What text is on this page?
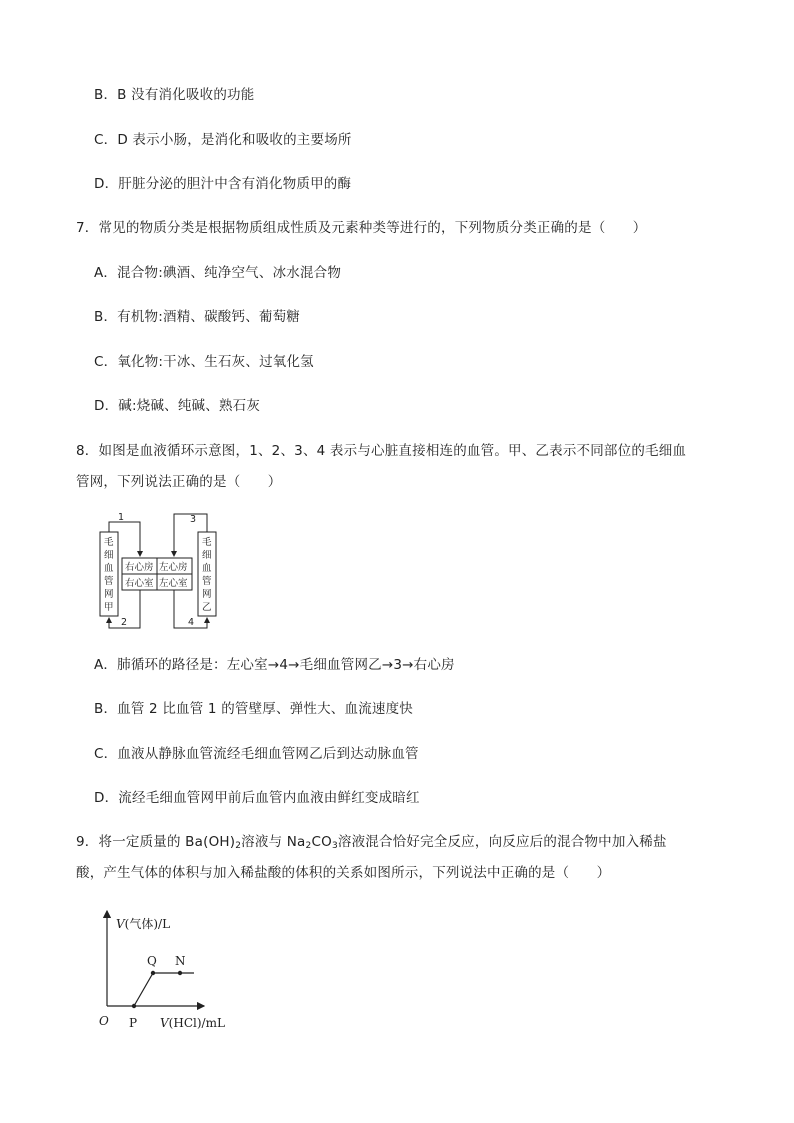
B．B 没有消化吸收的功能
C．D 表示小肠，是消化和吸收的主要场所
D．肝脏分泌的胆汁中含有消化物质甲的酶
7．常见的物质分类是根据物质组成性质及元素种类等进行的，下列物质分类正确的是（　　）
A．混合物:碘酒、纯净空气、冰水混合物
B．有机物:酒精、碳酸钙、葡萄糖
C．氧化物:干冰、生石灰、过氧化氢
D．碱:烧碱、纯碱、熟石灰
8．如图是血液循环示意图，1、2、3、4 表示与心脏直接相连的血管。甲、乙表示不同部位的毛细血
管网，下列说法正确的是（　　）
右心房 左心房
右心室 左心室
毛
细
血
管
网
甲
毛
细
血
管
网
乙
1	3
2	4
A．肺循环的路径是：左心室→4→毛细血管网乙→3→右心房
B．血管 2 比血管 1 的管壁厚、弹性大、血流速度快
C．血液从静脉血管流经毛细血管网乙后到达动脉血管
D．流经毛细血管网甲前后血管内血液由鲜红变成暗红
9．将一定质量的 $Ba(OH)_2$溶液与 $Na_2CO_3$溶液混合恰好完全反应，向反应后的混合物中加入稀盐
酸，产生气体的体积与加入稀盐酸的体积的关系如图所示，下列说法中正确的是（　　）
V(气体)/L
V(HCl)/mL
O P
Q N
